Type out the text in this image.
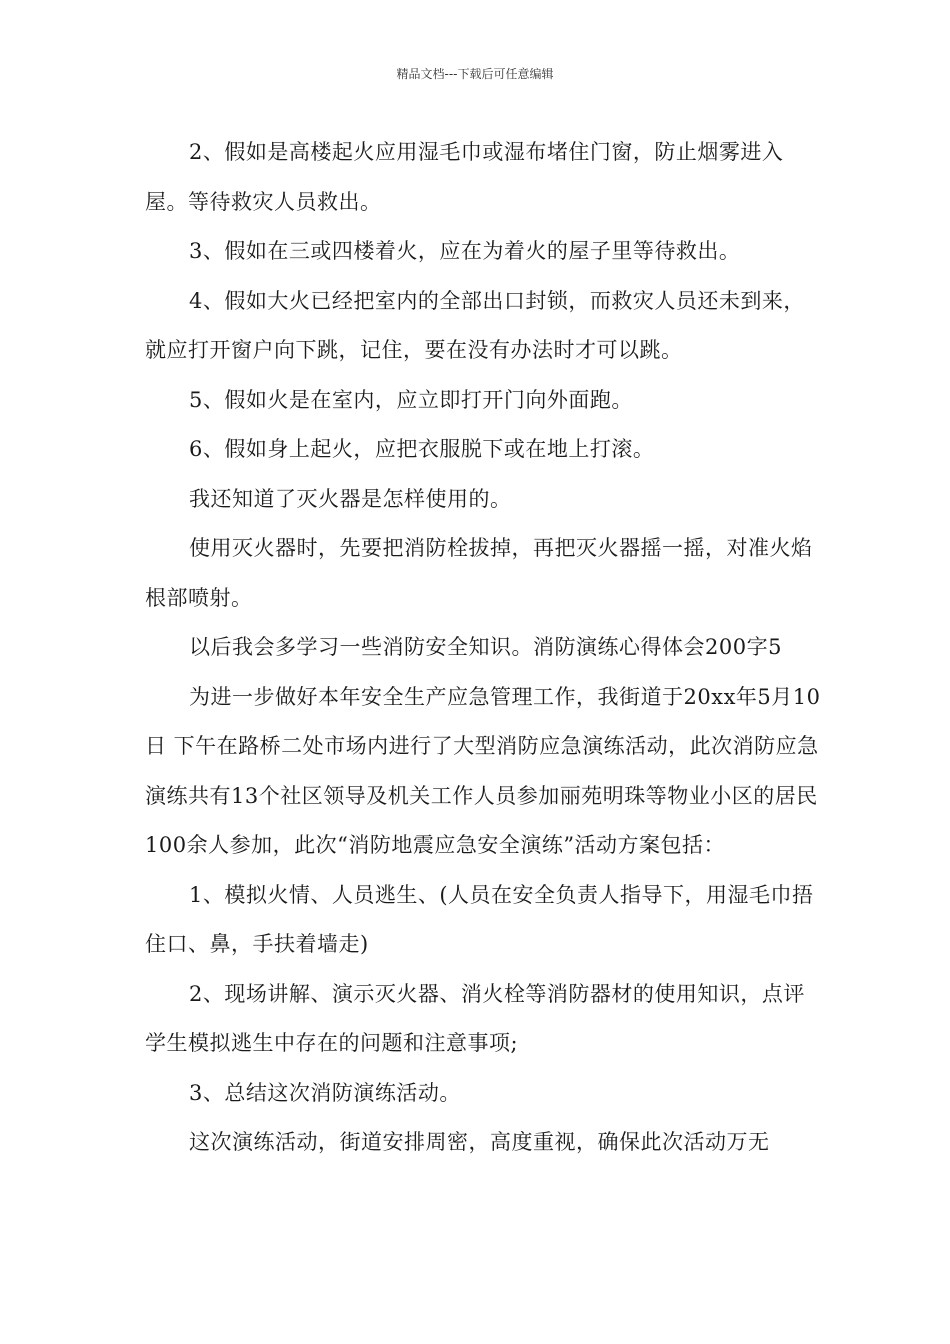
精品文档---下载后可任意编辑

2、假如是高楼起火应用湿毛巾或湿布堵住门窗，防止烟雾进入屋。等待救灾人员救出。

3、假如在三或四楼着火，应在为着火的屋子里等待救出。

4、假如大火已经把室内的全部出口封锁，而救灾人员还未到来，就应打开窗户向下跳，记住，要在没有办法时才可以跳。

5、假如火是在室内，应立即打开门向外面跑。

6、假如身上起火，应把衣服脱下或在地上打滚。

我还知道了灭火器是怎样使用的。

使用灭火器时，先要把消防栓拔掉，再把灭火器摇一摇，对准火焰根部喷射。

以后我会多学习一些消防安全知识。消防演练心得体会200字5

为进一步做好本年安全生产应急管理工作，我街道于20xx年5月10日 下午在路桥二处市场内进行了大型消防应急演练活动，此次消防应急演练共有13个社区领导及机关工作人员参加丽苑明珠等物业小区的居民100余人参加，此次“消防地震应急安全演练”活动方案包括：

1、模拟火情、人员逃生、(人员在安全负责人指导下，用湿毛巾捂住口、鼻，手扶着墙走)

2、现场讲解、演示灭火器、消火栓等消防器材的使用知识，点评学生模拟逃生中存在的问题和注意事项;

3、总结这次消防演练活动。

这次演练活动，街道安排周密，高度重视，确保此次活动万无
